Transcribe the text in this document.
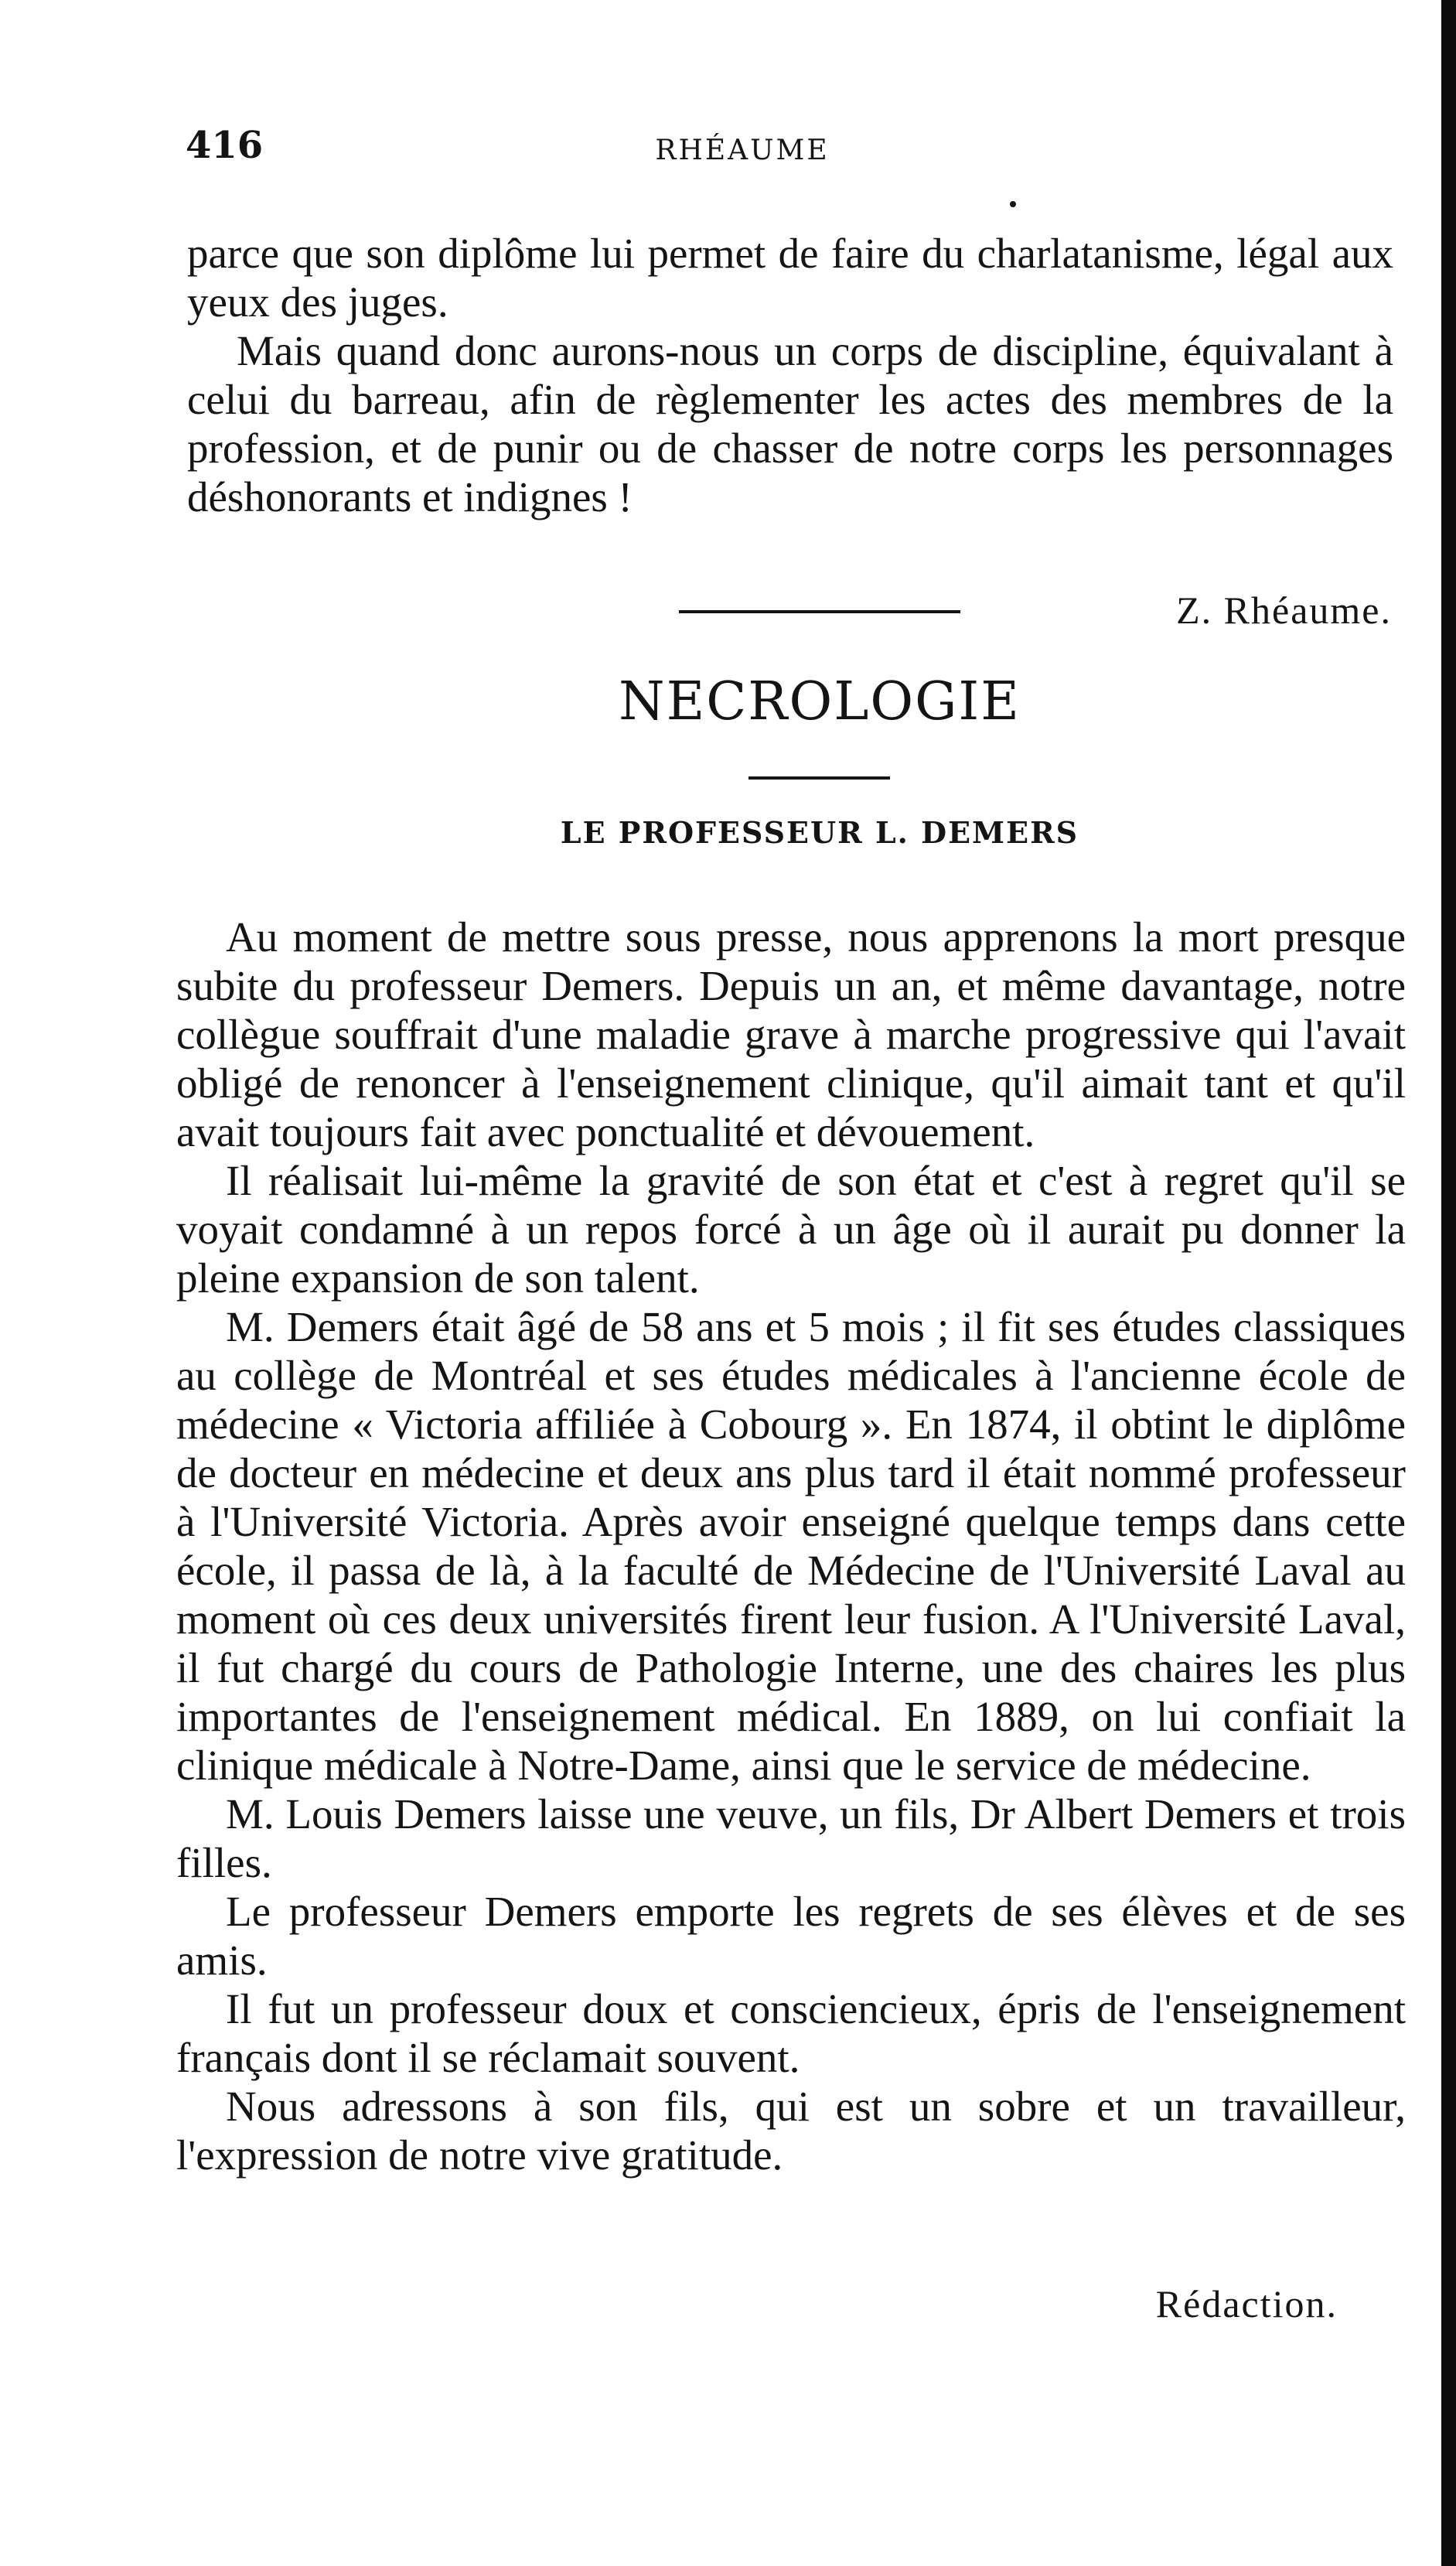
416	RHÉAUME

parce que son diplôme lui permet de faire du charlatanisme, légal aux yeux des juges.

Mais quand donc aurons-nous un corps de discipline, équivalant à celui du barreau, afin de règlementer les actes des membres de la profession, et de punir ou de chasser de notre corps les personnages déshonorants et indignes !

Z. Rhéaume.
NECROLOGIE
LE PROFESSEUR L. DEMERS

Au moment de mettre sous presse, nous apprenons la mort presque subite du professeur Demers. Depuis un an, et même davantage, notre collègue souffrait d'une maladie grave à marche progressive qui l'avait obligé de renoncer à l'enseignement clinique, qu'il aimait tant et qu'il avait toujours fait avec ponctualité et dévouement.

Il réalisait lui-même la gravité de son état et c'est à regret qu'il se voyait condamné à un repos forcé à un âge où il aurait pu donner la pleine expansion de son talent.

M. Demers était âgé de 58 ans et 5 mois ; il fit ses études classiques au collège de Montréal et ses études médicales à l'ancienne école de médecine « Victoria affiliée à Cobourg ». En 1874, il obtint le diplôme de docteur en médecine et deux ans plus tard il était nommé professeur à l'Université Victoria. Après avoir enseigné quelque temps dans cette école, il passa de là, à la faculté de Médecine de l'Université Laval au moment où ces deux universités firent leur fusion. A l'Université Laval, il fut chargé du cours de Pathologie Interne, une des chaires les plus importantes de l'enseignement médical. En 1889, on lui confiait la clinique médicale à Notre-Dame, ainsi que le service de médecine.

M. Louis Demers laisse une veuve, un fils, Dr Albert Demers et trois filles.

Le professeur Demers emporte les regrets de ses élèves et de ses amis.

Il fut un professeur doux et consciencieux, épris de l'enseignement français dont il se réclamait souvent.

Nous adressons à son fils, qui est un sobre et un travailleur, l'expression de notre vive gratitude.

Rédaction.
